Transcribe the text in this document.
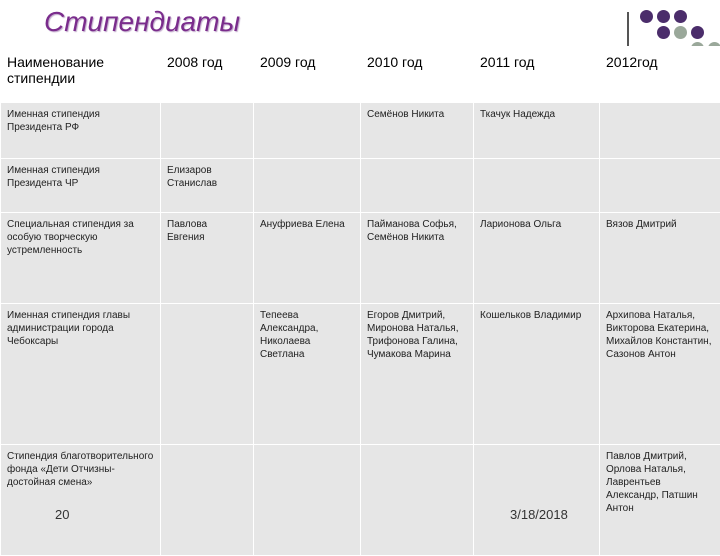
Стипендиаты
Наименование стипендии	2008 год	2009 год	2010 год	2011 год	2012год
Именная стипендия Президента РФ			Семёнов Никита	Ткачук Надежда	
Именная стипендия Президента ЧР	Елизаров Станислав				
Специальная стипендия за особую творческую устремленность	Павлова Евгения	Ануфриева Елена	Пайманова Софья, Семёнов Никита	Ларионова Ольга	Вязов Дмитрий
Именная стипендия главы администрации города Чебоксары		Тепеева Александра, Николаева Светлана	Егоров Дмитрий, Миронова Наталья, Трифонова Галина, Чумакова Марина	Кошельков Владимир	Архипова Наталья, Викторова Екатерина, Михайлов Константин, Сазонов Антон
Стипендия благотворительного фонда «Дети Отчизны-достойная смена»					Павлов Дмитрий, Орлова Наталья, Лаврентьев Александр, Патшин Антон
20	3/18/2018
